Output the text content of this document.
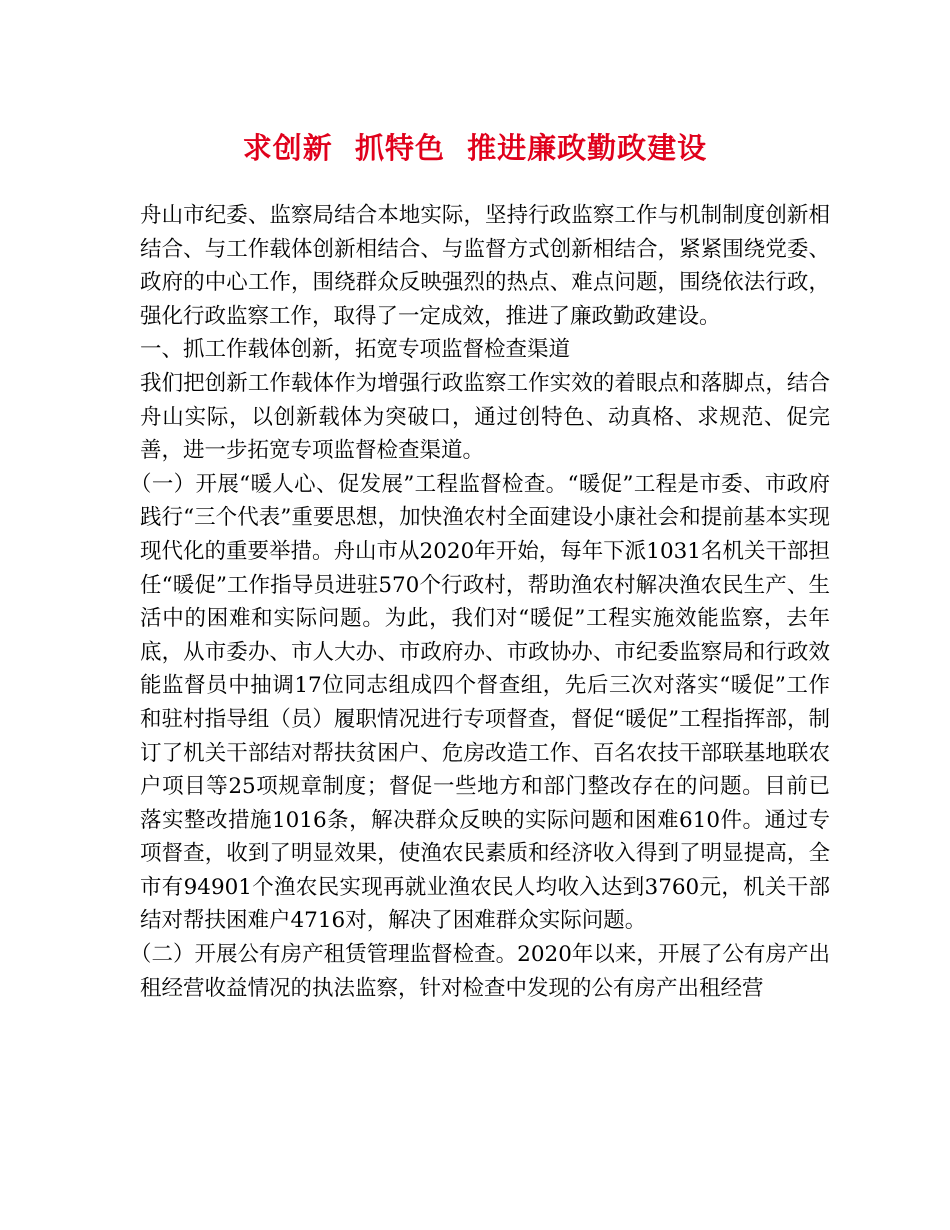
求创新  抓特色  推进廉政勤政建设

舟山市纪委、监察局结合本地实际，坚持行政监察工作与机制制度创新相结合、与工作载体创新相结合、与监督方式创新相结合，紧紧围绕党委、政府的中心工作，围绕群众反映强烈的热点、难点问题，围绕依法行政，强化行政监察工作，取得了一定成效，推进了廉政勤政建设。

一、抓工作载体创新，拓宽专项监督检查渠道

我们把创新工作载体作为增强行政监察工作实效的着眼点和落脚点，结合舟山实际，以创新载体为突破口，通过创特色、动真格、求规范、促完善，进一步拓宽专项监督检查渠道。

（一）开展“暖人心、促发展”工程监督检查。“暖促”工程是市委、市政府践行“三个代表”重要思想，加快渔农村全面建设小康社会和提前基本实现现代化的重要举措。舟山市从2020年开始，每年下派1031名机关干部担任“暖促”工作指导员进驻570个行政村，帮助渔农村解决渔农民生产、生活中的困难和实际问题。为此，我们对“暖促”工程实施效能监察，去年底，从市委办、市人大办、市政府办、市政协办、市纪委监察局和行政效能监督员中抽调17位同志组成四个督查组，先后三次对落实“暖促”工作和驻村指导组（员）履职情况进行专项督查，督促“暖促”工程指挥部，制订了机关干部结对帮扶贫困户、危房改造工作、百名农技干部联基地联农户项目等25项规章制度；督促一些地方和部门整改存在的问题。目前已落实整改措施1016条，解决群众反映的实际问题和困难610件。通过专项督查，收到了明显效果，使渔农民素质和经济收入得到了明显提高，全市有94901个渔农民实现再就业渔农民人均收入达到3760元，机关干部结对帮扶困难户4716对，解决了困难群众实际问题。

（二）开展公有房产租赁管理监督检查。2020年以来，开展了公有房产出租经营收益情况的执法监察，针对检查中发现的公有房产出租经营
